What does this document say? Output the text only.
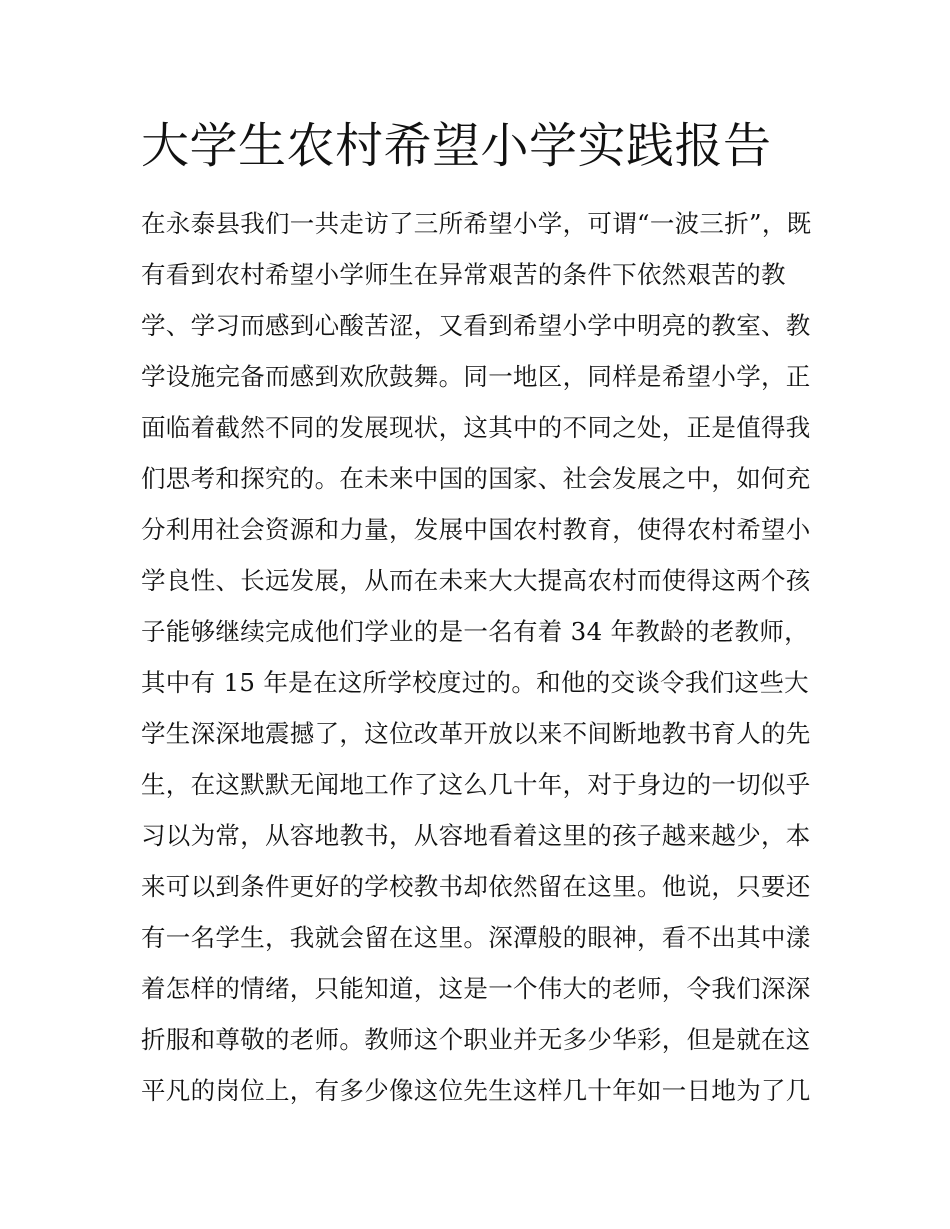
大学生农村希望小学实践报告
在永泰县我们一共走访了三所希望小学，可谓“一波三折”，既
有看到农村希望小学师生在异常艰苦的条件下依然艰苦的教
学、学习而感到心酸苦涩，又看到希望小学中明亮的教室、教
学设施完备而感到欢欣鼓舞。同一地区，同样是希望小学，正
面临着截然不同的发展现状，这其中的不同之处，正是值得我
们思考和探究的。在未来中国的国家、社会发展之中，如何充
分利用社会资源和力量，发展中国农村教育，使得农村希望小
学良性、长远发展，从而在未来大大提高农村而使得这两个孩
子能够继续完成他们学业的是一名有着 34 年教龄的老教师，
其中有 15 年是在这所学校度过的。和他的交谈令我们这些大
学生深深地震撼了，这位改革开放以来不间断地教书育人的先
生，在这默默无闻地工作了这么几十年，对于身边的一切似乎
习以为常，从容地教书，从容地看着这里的孩子越来越少，本
来可以到条件更好的学校教书却依然留在这里。他说，只要还
有一名学生，我就会留在这里。深潭般的眼神，看不出其中漾
着怎样的情绪，只能知道，这是一个伟大的老师，令我们深深
折服和尊敬的老师。教师这个职业并无多少华彩，但是就在这
平凡的岗位上，有多少像这位先生这样几十年如一日地为了几
